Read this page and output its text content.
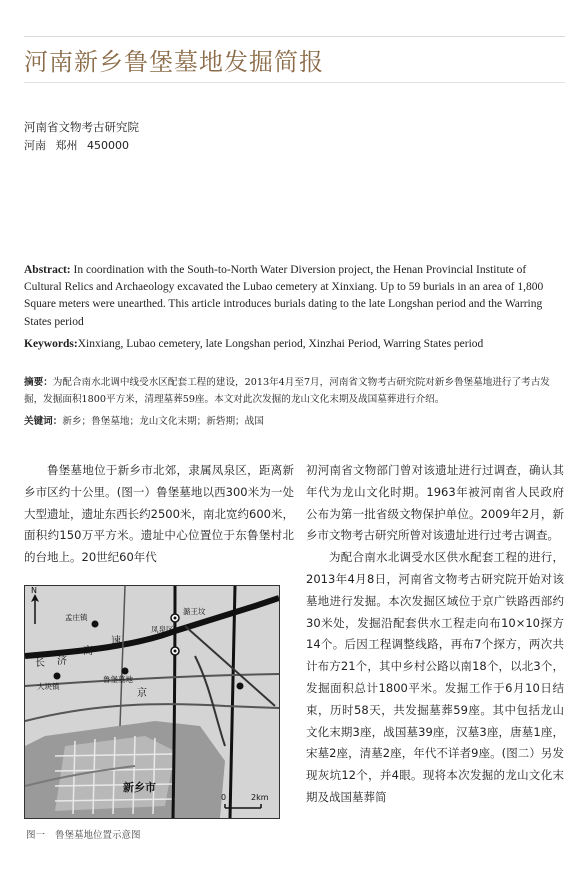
河南新乡鲁堡墓地发掘简报
河南省文物考古研究院
河南 郑州 450000
Abstract: In coordination with the South-to-North Water Diversion project, the Henan Provincial Institute of Cultural Relics and Archaeology excavated the Lubao cemetery at Xinxiang. Up to 59 burials in an area of 1,800 Square meters were unearthed. This article introduces burials dating to the late Longshan period and the Warring States period
Keywords:Xinxiang, Lubao cemetery, late Longshan period, Xinzhai Period, Warring States period
摘要：为配合南水北调中线受水区配套工程的建设，2013年4月至7月，河南省文物考古研究院对新乡鲁堡墓地进行了考古发掘，发掘面积1800平方米，清理墓葬59座。本文对此次发掘的龙山文化末期及战国墓葬进行介绍。
关键词：新乡；鲁堡墓地；龙山文化末期；新砦期；战国
鲁堡墓地位于新乡市北郊，隶属凤泉区，距离新乡市区约十公里。(图一）鲁堡墓地以西300米为一处大型遗址，遗址东西长约2500米，南北宽约600米，面积约150万平方米。遗址中心位置位于东鲁堡村北的台地上。20世纪60年代

初河南省文物部门曾对该遗址进行过调查，确认其年代为龙山文化时期。1963年被河南省人民政府公布为第一批省级文物保护单位。2009年2月，新乡市文物考古研究所曾对该遗址进行过考古调查。

为配合南水北调受水区供水配套工程的进行，2013年4月8日，河南省文物考古研究院开始对该墓地进行发掘。本次发掘区域位于京广铁路西部约30米处，发掘沿配套供水工程走向布10×10探方14个。后因工程调整线路，再布7个探方，两次共计布方21个，其中乡村公路以南18个，以北3个，发掘面积总计1800平米。发掘工作于6月10日结束，历时58天，共发掘墓葬59座。其中包括龙山文化末期3座，战国墓39座，汉墓3座，唐墓1座，宋墓2座，清墓2座，年代不详者9座。(图二）另发现灰坑12个，并4眼。现将本次发掘的龙山文化末期及战国墓葬简

N
孟庄镇
潞王坟
凤泉区
鲁堡墓地
大块镇
京
长 济
高
速
新乡市
0	2km
图一 鲁堡墓地位置示意图
